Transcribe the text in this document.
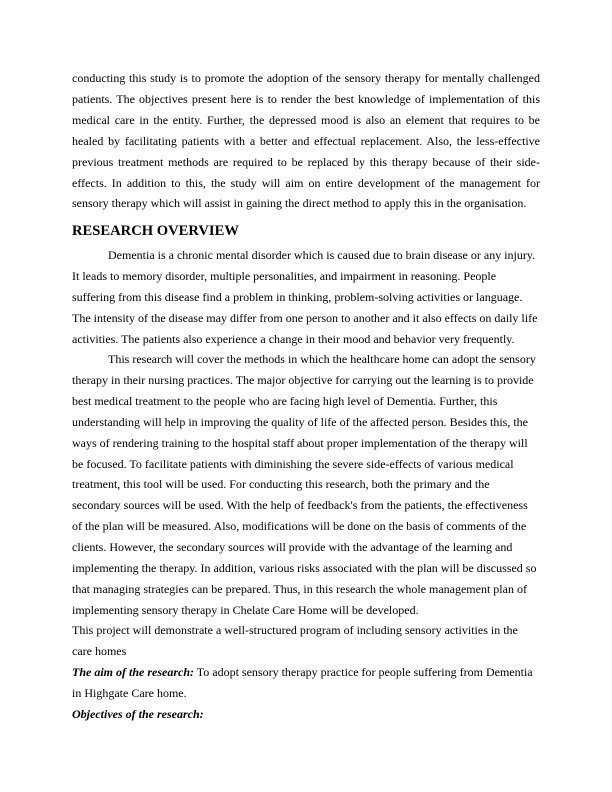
conducting this study is to promote the adoption of the sensory therapy for mentally challenged patients. The objectives present here is to render the best knowledge of implementation of this medical care in the entity. Further, the depressed mood is also an element that requires to be healed by facilitating patients with a better and effectual replacement. Also, the less-effective previous treatment methods are required to be replaced by this therapy because of their side-effects. In addition to this, the study will aim on entire development of the management for sensory therapy which will assist in gaining the direct method to apply this in the organisation.

RESEARCH OVERVIEW

Dementia is a chronic mental disorder which is caused due to brain disease or any injury. It leads to memory disorder, multiple personalities, and impairment in reasoning. People suffering from this disease find a problem in thinking, problem-solving activities or language. The intensity of the disease may differ from one person to another and it also effects on daily life activities. The patients also experience a change in their mood and behavior very frequently.

This research will cover the methods in which the healthcare home can adopt the sensory therapy in their nursing practices. The major objective for carrying out the learning is to provide best medical treatment to the people who are facing high level of Dementia. Further, this understanding will help in improving the quality of life of the affected person. Besides this, the ways of rendering training to the hospital staff about proper implementation of the therapy will be focused. To facilitate patients with diminishing the severe side-effects of various medical treatment, this tool will be used. For conducting this research, both the primary and the secondary sources will be used. With the help of feedback's from the patients, the effectiveness of the plan will be measured. Also, modifications will be done on the basis of comments of the clients. However, the secondary sources will provide with the advantage of the learning and implementing the therapy. In addition, various risks associated with the plan will be discussed so that managing strategies can be prepared. Thus, in this research the whole management plan of implementing sensory therapy in Chelate Care Home will be developed.

This project will demonstrate a well-structured program of including sensory activities in the care homes

The aim of the research: To adopt sensory therapy practice for people suffering from Dementia in Highgate Care home.

Objectives of the research:
